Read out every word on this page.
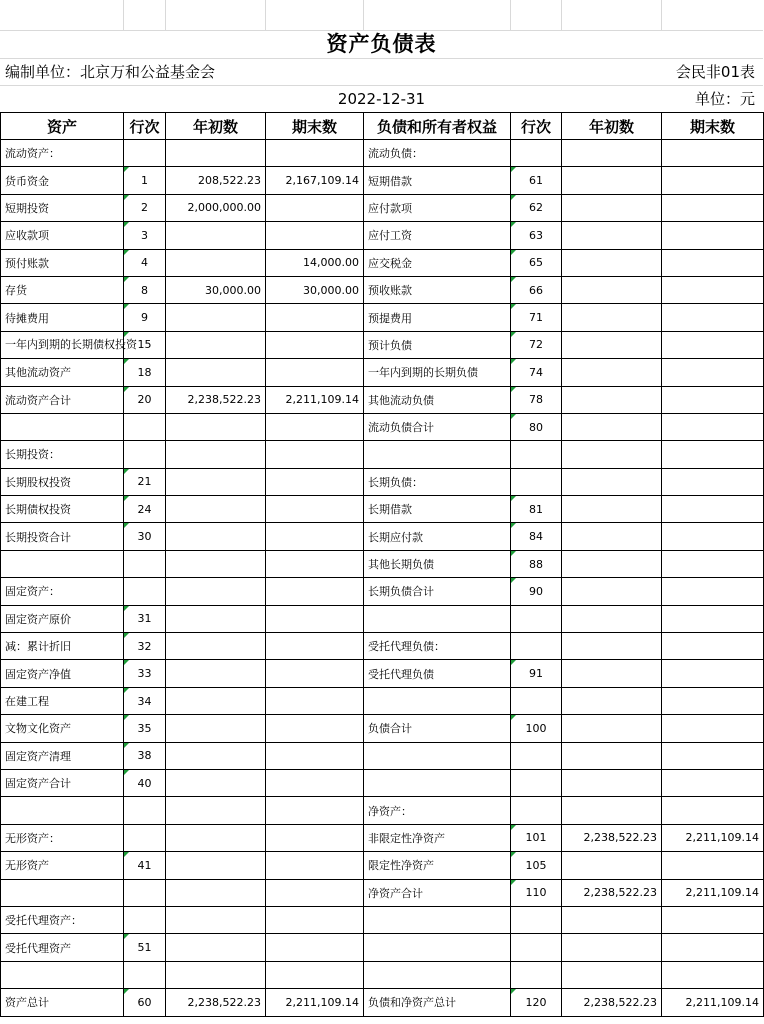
资产负债表
编制单位：北京万和公益基金会	会民非01表
2022-12-31	单位：元
资产	行次	年初数	期末数	负债和所有者权益	行次	年初数	期末数
流动资产：				流动负债：			
货币资金	1	208,522.23	2,167,109.14	短期借款	61		
短期投资	2	2,000,000.00		应付款项	62		
应收款项	3			应付工资	63		
预付账款	4		14,000.00	应交税金	65		
存货	8	30,000.00	30,000.00	预收账款	66		
待摊费用	9			预提费用	71		
一年内到期的长期债权投资	15			预计负债	72		
其他流动资产	18			一年内到期的长期负债	74		
流动资产合计	20	2,238,522.23	2,211,109.14	其他流动负债	78		
				流动负债合计	80		
长期投资：							
长期股权投资	21			长期负债：			
长期债权投资	24			长期借款	81		
长期投资合计	30			长期应付款	84		
				其他长期负债	88		
固定资产：				长期负债合计	90		
固定资产原价	31						
减：累计折旧	32			受托代理负债：			
固定资产净值	33			受托代理负债	91		
在建工程	34						
文物文化资产	35			负债合计	100		
固定资产清理	38						
固定资产合计	40						
				净资产：			
无形资产：				非限定性净资产	101	2,238,522.23	2,211,109.14
无形资产	41			限定性净资产	105		
				净资产合计	110	2,238,522.23	2,211,109.14
受托代理资产：							
受托代理资产	51						

资产总计	60	2,238,522.23	2,211,109.14	负债和净资产总计	120	2,238,522.23	2,211,109.14
